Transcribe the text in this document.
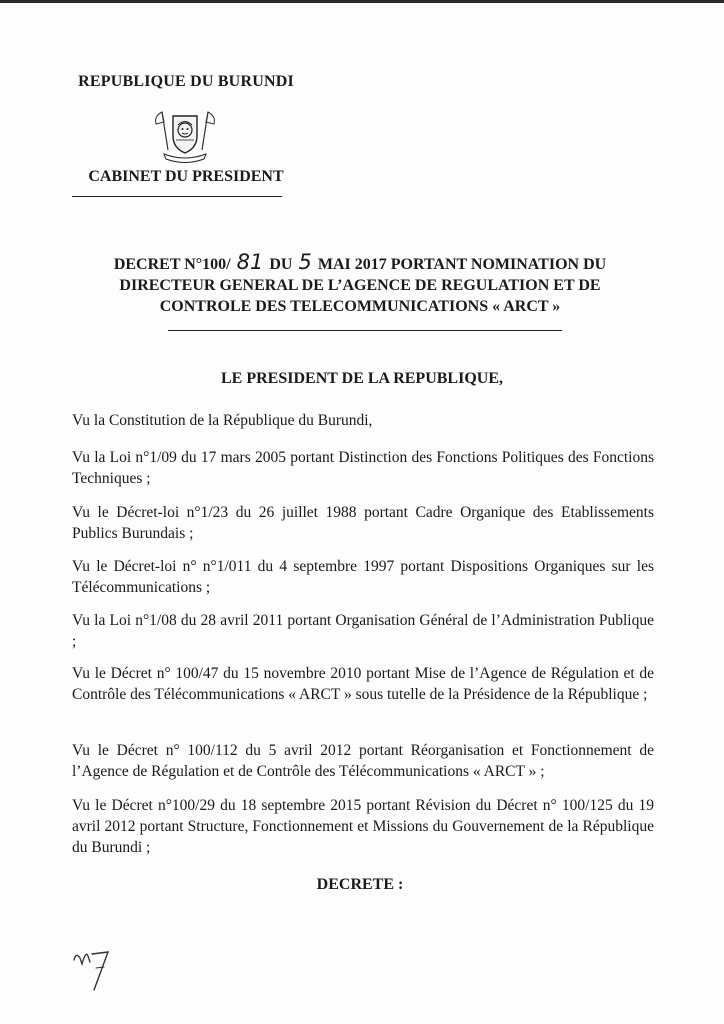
REPUBLIQUE DU BURUNDI
CABINET DU PRESIDENT
DECRET N°100/ 81 DU 5 MAI 2017 PORTANT NOMINATION DU
DIRECTEUR GENERAL DE L’AGENCE DE REGULATION ET DE
CONTROLE DES TELECOMMUNICATIONS « ARCT »
LE PRESIDENT DE LA REPUBLIQUE,
Vu la Constitution de la République du Burundi,
Vu la Loi n°1/09 du 17 mars 2005 portant Distinction des Fonctions Politiques des Fonctions Techniques ;
Vu le Décret-loi n°1/23 du 26 juillet 1988 portant Cadre Organique des Etablissements Publics Burundais ;
Vu le Décret-loi n° n°1/011 du 4 septembre 1997 portant Dispositions Organiques sur les Télécommunications ;
Vu la Loi n°1/08 du 28 avril 2011 portant Organisation Général de l’Administration Publique ;
Vu le Décret n° 100/47 du 15 novembre 2010 portant Mise de l’Agence de Régulation et de Contrôle des Télécommunications « ARCT » sous tutelle de la Présidence de la République ;
Vu le Décret n° 100/112 du 5 avril 2012 portant Réorganisation et Fonctionnement de l’Agence de Régulation et de Contrôle des Télécommunications « ARCT » ;
Vu le Décret n°100/29 du 18 septembre 2015 portant Révision du Décret n° 100/125 du 19 avril 2012 portant Structure, Fonctionnement et Missions du Gouvernement de la République du Burundi ;
DECRETE :
